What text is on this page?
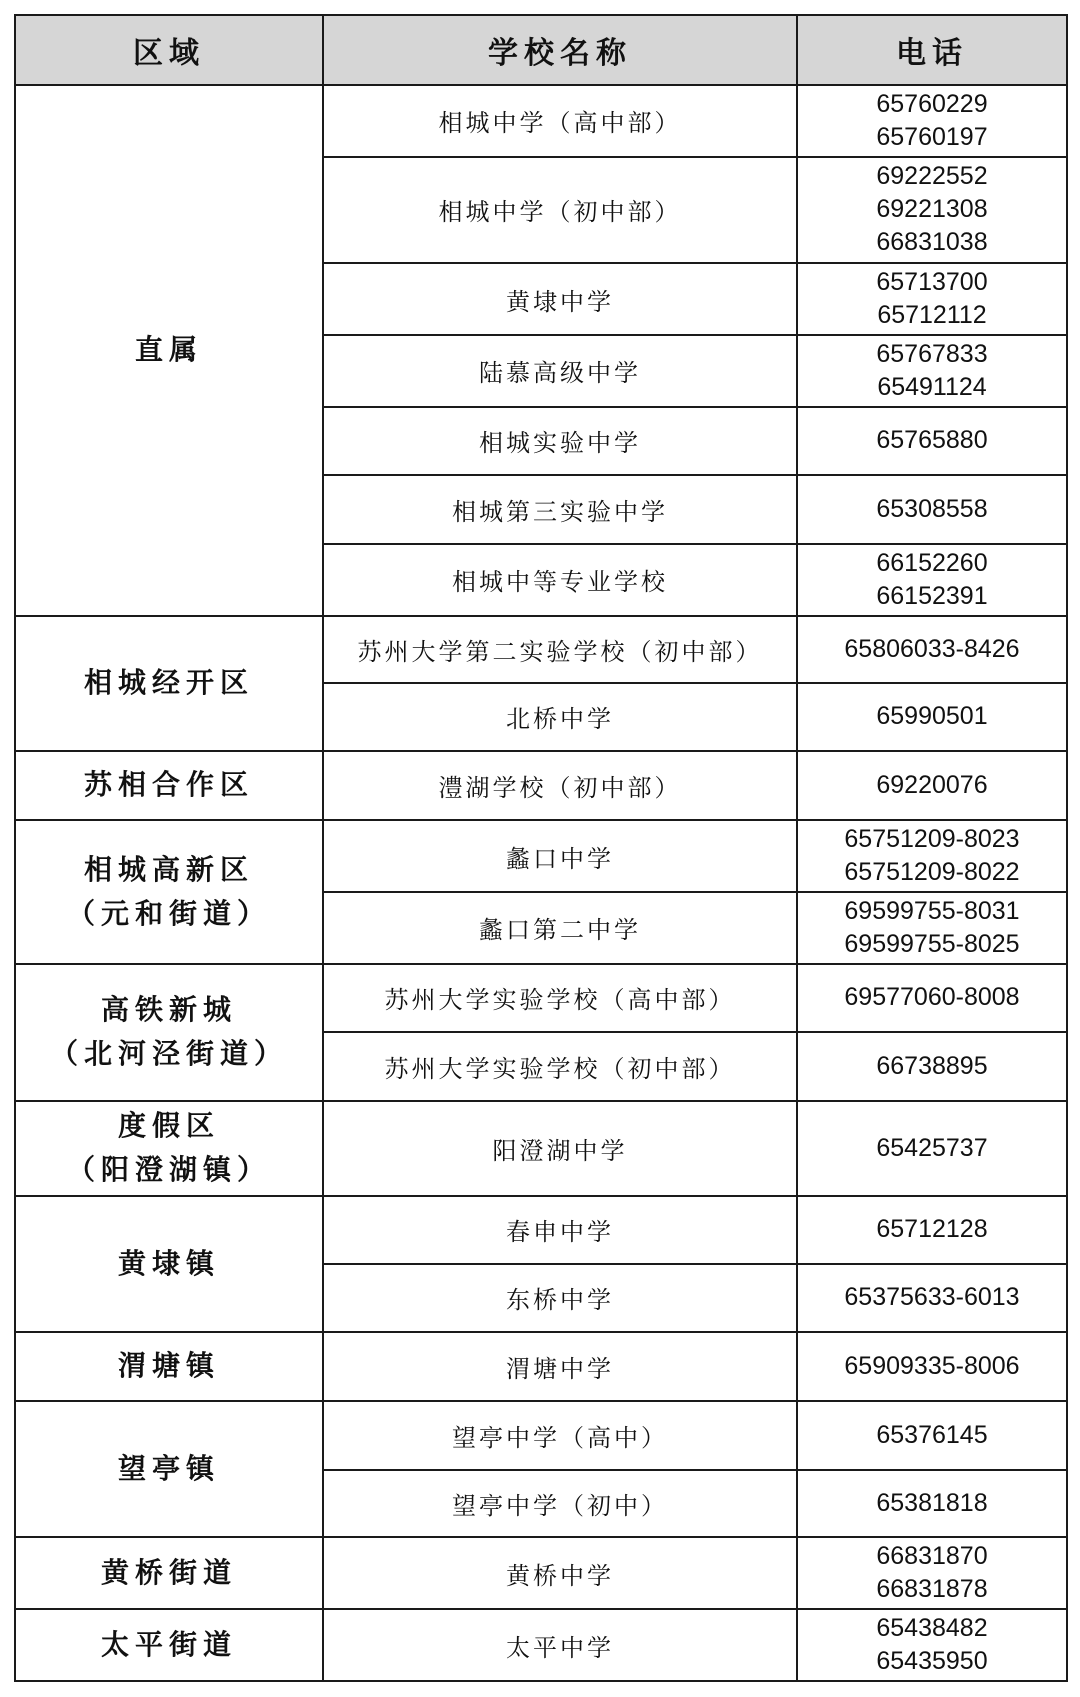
区域	学校名称	电话

直属	相城中学（高中部）	65760229
65760197

	相城中学（初中部）	69222552
69221308
66831038

	黄埭中学	65713700
65712112

	陆慕高级中学	65767833
65491124

	相城实验中学	65765880

	相城第三实验中学	65308558

	相城中等专业学校	66152260
66152391

相城经开区	苏州大学第二实验学校（初中部）	65806033-8426

	北桥中学	65990501

苏相合作区	澧湖学校（初中部）	69220076

相城高新区
（元和街道）	蠡口中学	65751209-8023
65751209-8022

	蠡口第二中学	69599755-8031
69599755-8025

高铁新城
（北河泾街道）	苏州大学实验学校（高中部）	69577060-8008

	苏州大学实验学校（初中部）	66738895

度假区
（阳澄湖镇）	阳澄湖中学	65425737

黄埭镇	春申中学	65712128

	东桥中学	65375633-6013

渭塘镇	渭塘中学	65909335-8006

望亭镇	望亭中学（高中）	65376145

	望亭中学（初中）	65381818

黄桥街道	黄桥中学	66831870
66831878

太平街道	太平中学	65438482
65435950
